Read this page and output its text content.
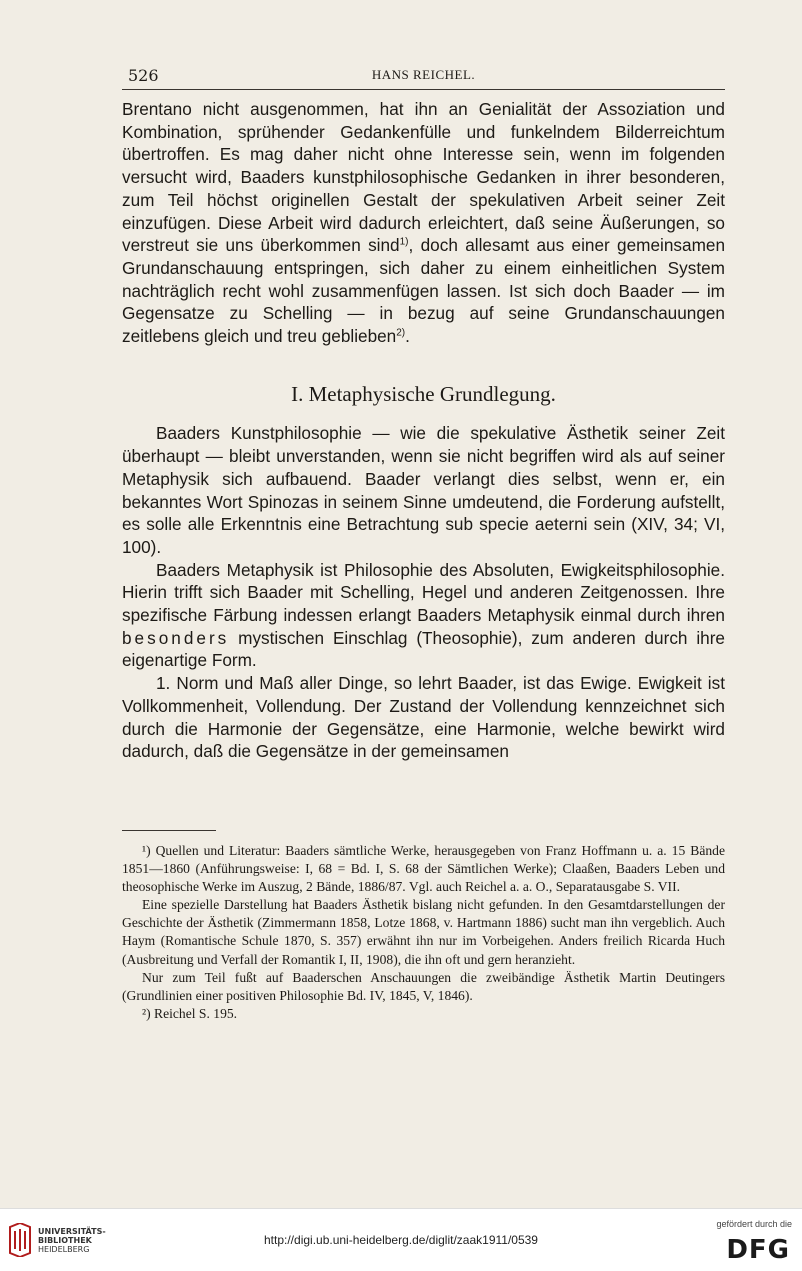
526	HANS REICHEL.

Brentano nicht ausgenommen, hat ihn an Genialität der Assoziation und Kombination, sprühender Gedankenfülle und funkelndem Bilderreichtum übertroffen. Es mag daher nicht ohne Interesse sein, wenn im folgenden versucht wird, Baaders kunstphilosophische Gedanken in ihrer besonderen, zum Teil höchst originellen Gestalt der spekulativen Arbeit seiner Zeit einzufügen. Diese Arbeit wird dadurch erleichtert, daß seine Äußerungen, so verstreut sie uns überkommen sind$^{1)}$, doch allesamt aus einer gemeinsamen Grundanschauung entspringen, sich daher zu einem einheitlichen System nachträglich recht wohl zusammenfügen lassen. Ist sich doch Baader — im Gegensatze zu Schelling — in bezug auf seine Grundanschauungen zeitlebens gleich und treu geblieben$^{2)}$.

I. Metaphysische Grundlegung.

Baaders Kunstphilosophie — wie die spekulative Ästhetik seiner Zeit überhaupt — bleibt unverstanden, wenn sie nicht begriffen wird als auf seiner Metaphysik sich aufbauend. Baader verlangt dies selbst, wenn er, ein bekanntes Wort Spinozas in seinem Sinne umdeutend, die Forderung aufstellt, es solle alle Erkenntnis eine Betrachtung sub specie aeterni sein (XIV, 34; VI, 100).

Baaders Metaphysik ist Philosophie des Absoluten, Ewigkeitsphilosophie. Hierin trifft sich Baader mit Schelling, Hegel und anderen Zeitgenossen. Ihre spezifische Färbung indessen erlangt Baaders Metaphysik einmal durch ihren besonders mystischen Einschlag (Theosophie), zum anderen durch ihre eigenartige Form.

1. Norm und Maß aller Dinge, so lehrt Baader, ist das Ewige. Ewigkeit ist Vollkommenheit, Vollendung. Der Zustand der Vollendung kennzeichnet sich durch die Harmonie der Gegensätze, eine Harmonie, welche bewirkt wird dadurch, daß die Gegensätze in der gemeinsamen

¹) Quellen und Literatur: Baaders sämtliche Werke, herausgegeben von Franz Hoffmann u. a. 15 Bände 1851—1860 (Anführungsweise: I, 68 = Bd. I, S. 68 der Sämtlichen Werke); Claaßen, Baaders Leben und theosophische Werke im Auszug, 2 Bände, 1886/87. Vgl. auch Reichel a. a. O., Separatausgabe S. VII.

Eine spezielle Darstellung hat Baaders Ästhetik bislang nicht gefunden. In den Gesamtdarstellungen der Geschichte der Ästhetik (Zimmermann 1858, Lotze 1868, v. Hartmann 1886) sucht man ihn vergeblich. Auch Haym (Romantische Schule 1870, S. 357) erwähnt ihn nur im Vorbeigehen. Anders freilich Ricarda Huch (Ausbreitung und Verfall der Romantik I, II, 1908), die ihn oft und gern heranzieht.

Nur zum Teil fußt auf Baaderschen Anschauungen die zweibändige Ästhetik Martin Deutingers (Grundlinien einer positiven Philosophie Bd. IV, 1845, V, 1846).

²) Reichel S. 195.

UNIVERSITÄTS-
BIBLIOTHEK
HEIDELBERG
http://digi.ub.uni-heidelberg.de/diglit/zaak1911/0539
gefördert durch die
DFG
